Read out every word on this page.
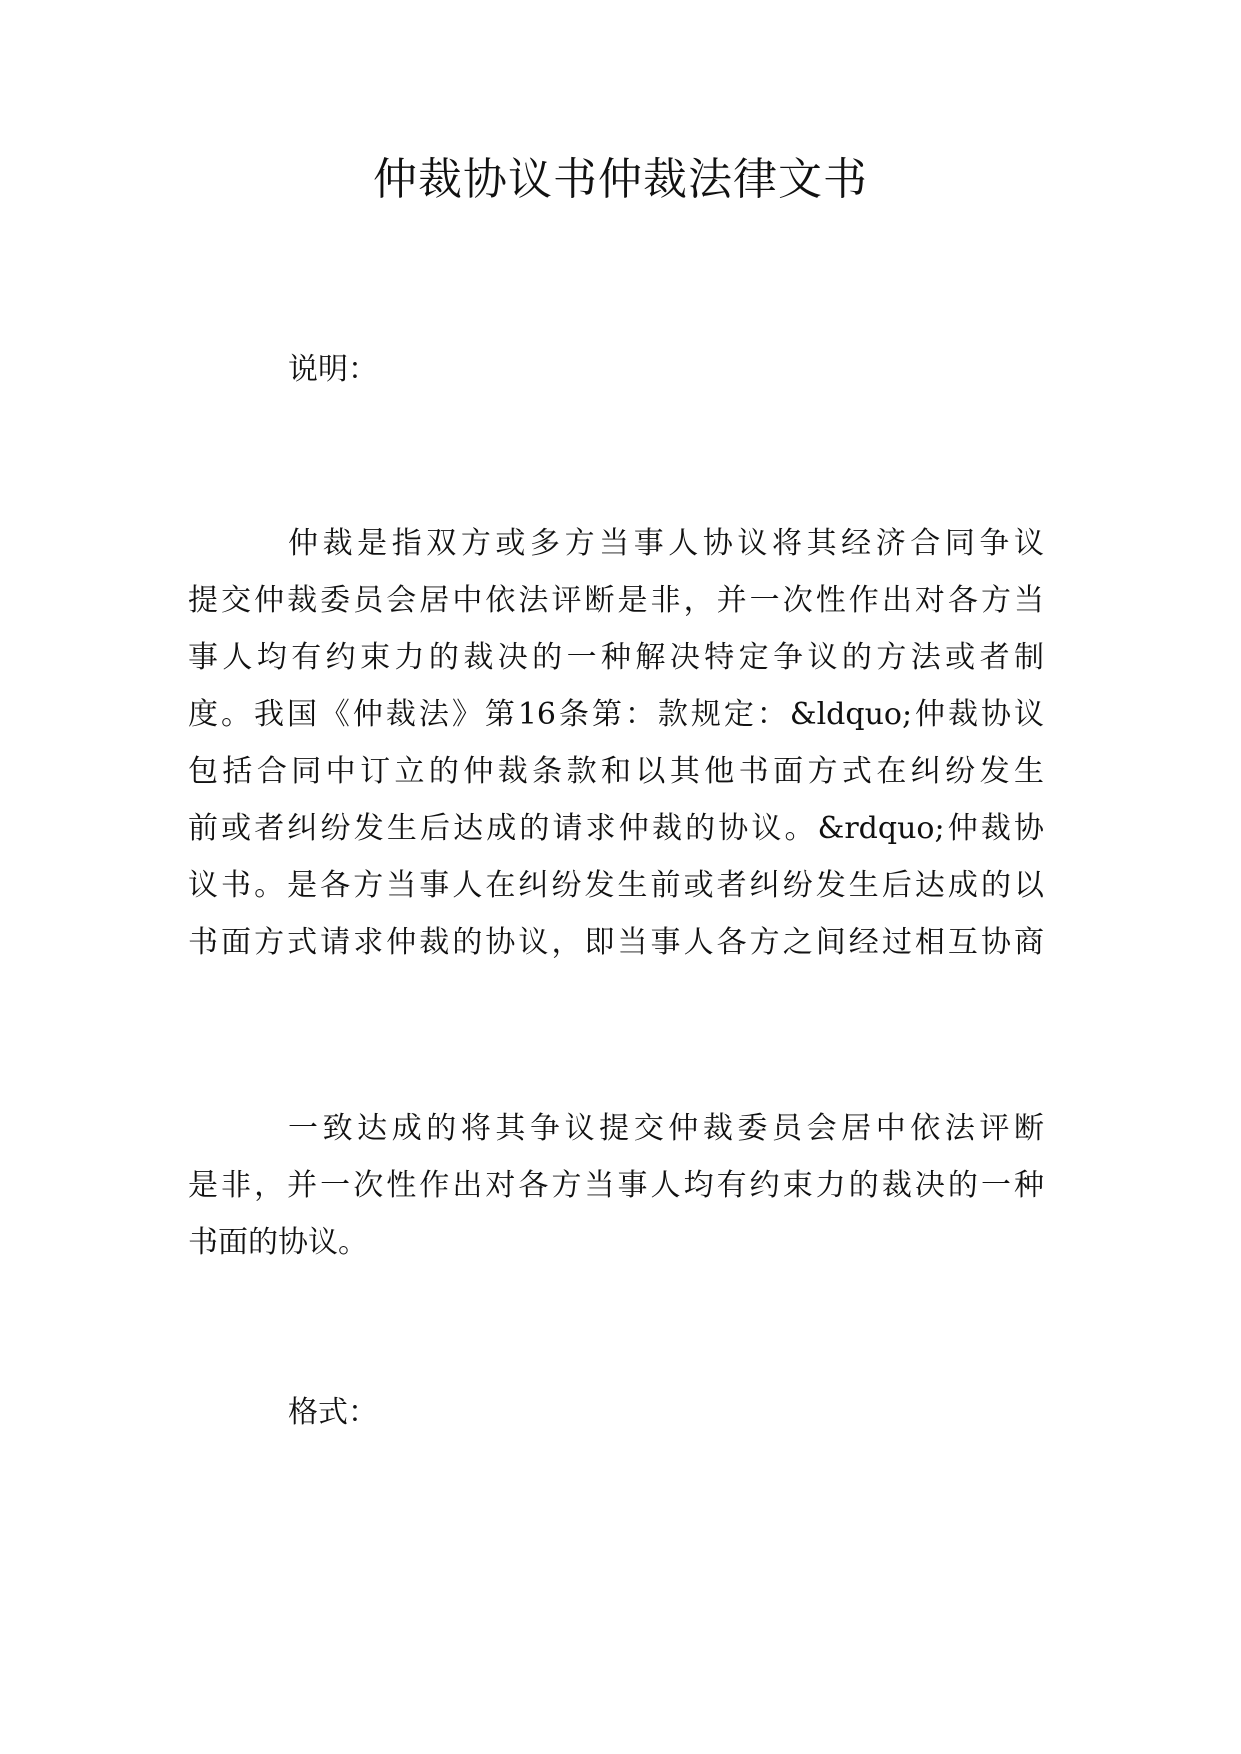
仲裁协议书仲裁法律文书
说明：
仲裁是指双方或多方当事人协议将其经济合同争议
提交仲裁委员会居中依法评断是非，并一次性作出对各方当
事人均有约束力的裁决的一种解决特定争议的方法或者制
度。我国《仲裁法》第16条第：款规定：&ldquo;仲裁协议
包括合同中订立的仲裁条款和以其他书面方式在纠纷发生
前或者纠纷发生后达成的请求仲裁的协议。&rdquo;仲裁协
议书。是各方当事人在纠纷发生前或者纠纷发生后达成的以
书面方式请求仲裁的协议，即当事人各方之间经过相互协商
一致达成的将其争议提交仲裁委员会居中依法评断
是非，并一次性作出对各方当事人均有约束力的裁决的一种
书面的协议。
格式：
